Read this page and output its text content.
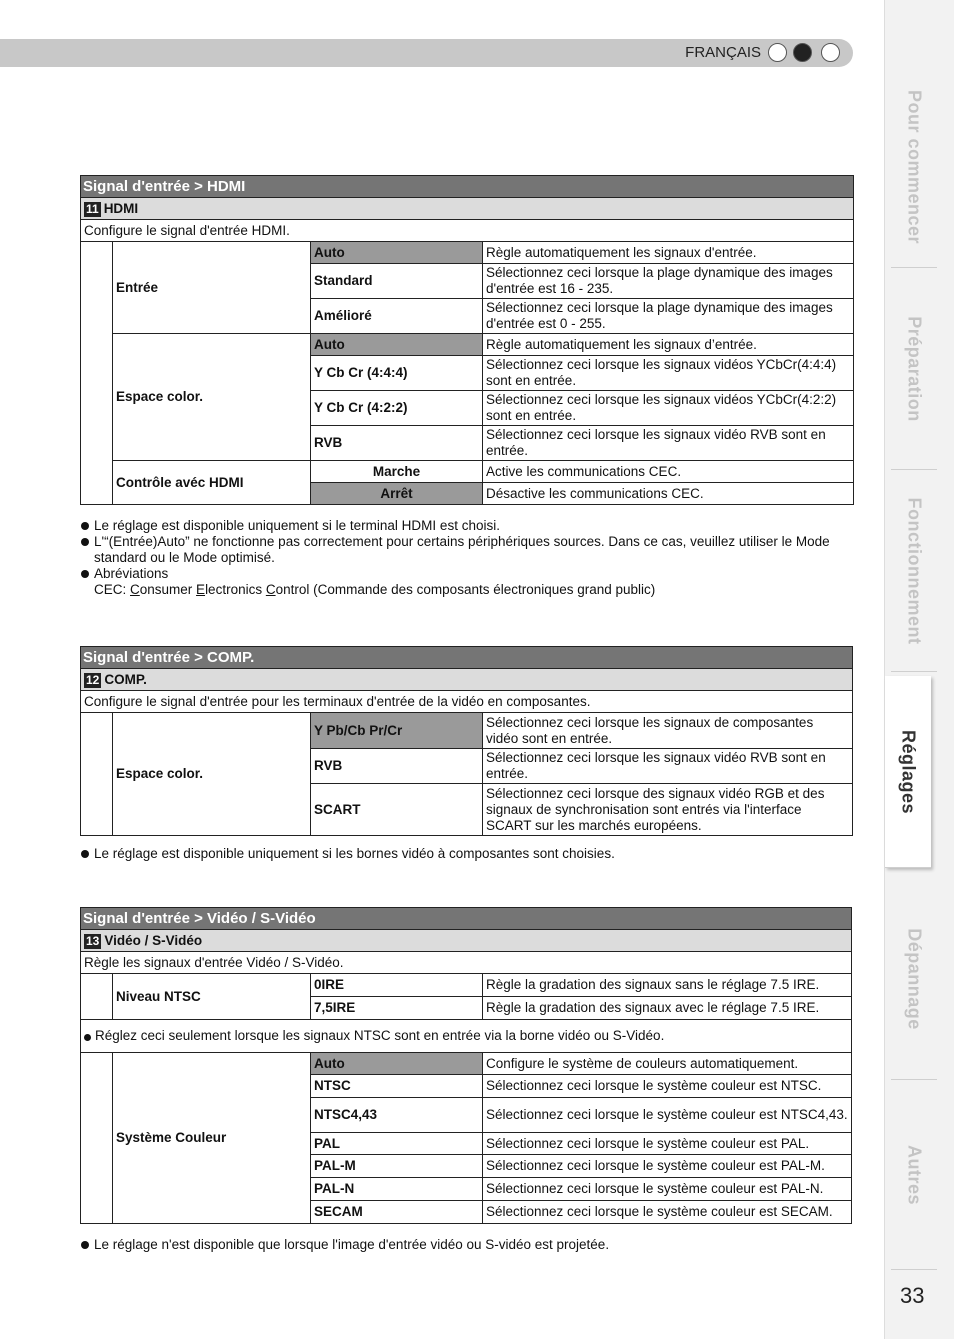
FRANÇAIS
Pour commencer
Préparation
Fonctionnement
Réglages
Dépannage
Autres
33
Signal d'entrée > HDMI			
11 HDMI			
Configure le signal d'entrée HDMI.			
	Entrée	Auto	Règle automatiquement les signaux d'entrée.
		Standard	Sélectionnez ceci lorsque la plage dynamique des images d'entrée est 16 - 235.
		Amélioré	Sélectionnez ceci lorsque la plage dynamique des images d'entrée est 0 - 255.
	Espace color.	Auto	Règle automatiquement les signaux d’entrée.
		Y Cb Cr (4:4:4)	Sélectionnez ceci lorsque les signaux vidéos YCbCr(4:4:4) sont en entrée.
		Y Cb Cr (4:2:2)	Sélectionnez ceci lorsque les signaux vidéos YCbCr(4:2:2) sont en entrée.
		RVB	Sélectionnez ceci lorsque les signaux vidéo RVB sont en entrée.
	Contrôle avéc HDMI	Marche	Active les communications CEC.
		Arrêt	Désactive les communications CEC.
Le réglage est disponible uniquement si le terminal HDMI est choisi.
L'“(Entrée)Auto” ne fonctionne pas correctement pour certains périphériques sources. Dans ce cas, veuillez utiliser le Mode standard ou le Mode optimisé.
Abréviations
CEC: Consumer Electronics Control (Commande des composants électroniques grand public)
Signal d'entrée > COMP.			
12 COMP.			
Configure le signal d'entrée pour les terminaux d'entrée de la vidéo en composantes.			
	Espace color.	Y Pb/Cb Pr/Cr	Sélectionnez ceci lorsque les signaux de composantes vidéo sont en entrée.
		RVB	Sélectionnez ceci lorsque les signaux vidéo RVB sont en entrée.
		SCART	Sélectionnez ceci lorsque des signaux vidéo RGB et des signaux de synchronisation sont entrés via l'interface SCART sur les marchés européens.
Le réglage est disponible uniquement si les bornes vidéo à composantes sont choisies.
Signal d'entrée > Vidéo / S-Vidéo			
13 Vidéo / S-Vidéo			
Règle les signaux d'entrée Vidéo / S-Vidéo.			
	Niveau NTSC	0IRE	Règle la gradation des signaux sans le réglage 7.5 IRE.
		7,5IRE	Règle la gradation des signaux avec le réglage 7.5 IRE.

Réglez ceci seulement lorsque les signaux NTSC sont en entrée via la borne vidéo ou S-Vidéo.			
	Système Couleur	Auto	Configure le système de couleurs automatiquement.
		NTSC	Sélectionnez ceci lorsque le système couleur est NTSC.
		NTSC4,43	Sélectionnez ceci lorsque le système couleur est NTSC4,43.
		PAL	Sélectionnez ceci lorsque le système couleur est PAL.
		PAL-M	Sélectionnez ceci lorsque le système couleur est PAL-M.
		PAL-N	Sélectionnez ceci lorsque le système couleur est PAL-N.
		SECAM	Sélectionnez ceci lorsque le système couleur est SECAM.
Le réglage n'est disponible que lorsque l'image d'entrée vidéo ou S-vidéo est projetée.
